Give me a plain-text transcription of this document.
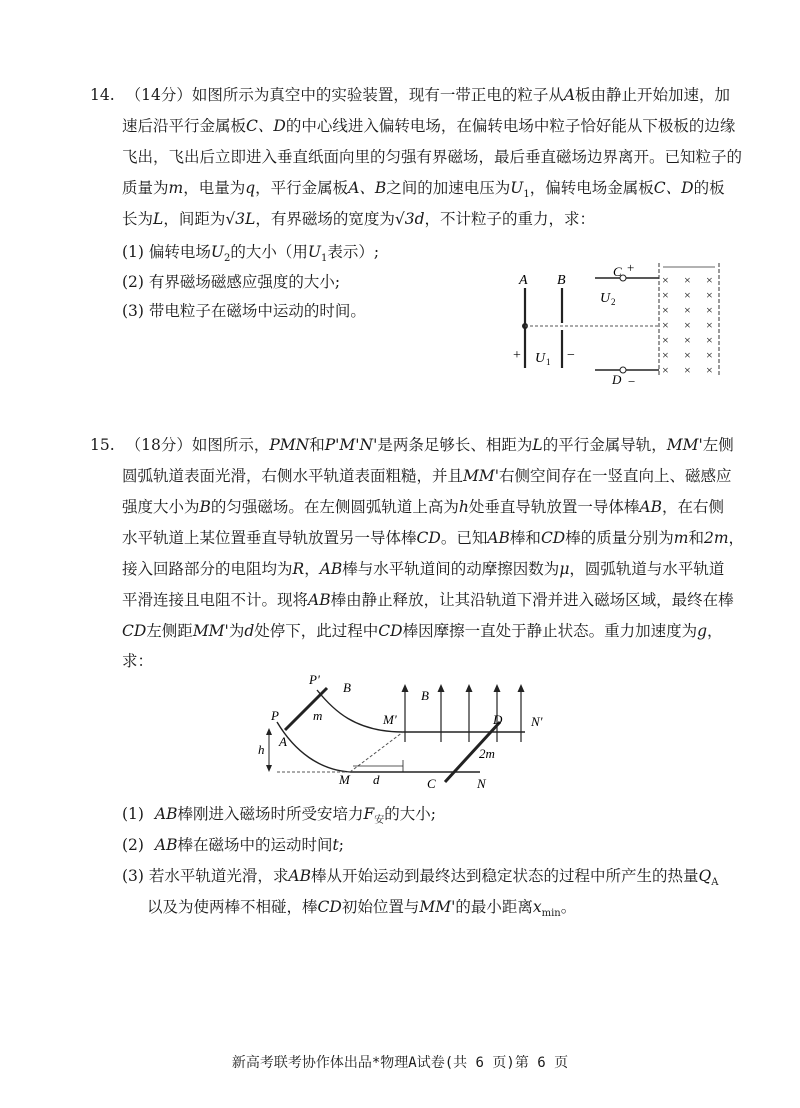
14. （14分）如图所示为真空中的实验装置，现有一带正电的粒子从A板由静止开始加速，加
速后沿平行金属板C、D的中心线进入偏转电场，在偏转电场中粒子恰好能从下极板的边缘
飞出，飞出后立即进入垂直纸面向里的匀强有界磁场，最后垂直磁场边界离开。已知粒子的
质量为m，电量为q，平行金属板A、B之间的加速电压为$U_1$，偏转电场金属板C、D的板
长为L，间距为√3L，有界磁场的宽度为√3d，不计粒子的重力，求：
(1) 偏转电场$U_2$的大小（用$U_1$表示）;
(2) 有界磁场磁感应强度的大小;
(3) 带电粒子在磁场中运动的时间。
A
+
B
−
U 1
C +
U 2
D −
× × ×
× × ×
× × ×
× × ×
× × ×
× × ×
× × ×
15. （18分）如图所示，PMN和P'M'N'是两条足够长、相距为L的平行金属导轨，MM'左侧
圆弧轨道表面光滑，右侧水平轨道表面粗糙，并且MM'右侧空间存在一竖直向上、磁感应
强度大小为B的匀强磁场。在左侧圆弧轨道上高为h处垂直导轨放置一导体棒AB，在右侧
水平轨道上某位置垂直导轨放置另一导体棒CD。已知AB棒和CD棒的质量分别为m和2m，
接入回路部分的电阻均为R，AB棒与水平轨道间的动摩擦因数为μ，圆弧轨道与水平轨道
平滑连接且电阻不计。现将AB棒由静止释放，让其沿轨道下滑并进入磁场区域，最终在棒
CD左侧距MM'为d处停下，此过程中CD棒因摩擦一直处于静止状态。重力加速度为g，
求：
h
P'
B
P	m
A
M'
M d
B
D N'
2m
C	N
(1) AB棒刚进入磁场时所受安培力$F_安$的大小;
(2) AB棒在磁场中的运动时间t;
(3) 若水平轨道光滑，求AB棒从开始运动到最终达到稳定状态的过程中所产生的热量$Q_A$
以及为使两棒不相碰，棒CD初始位置与MM'的最小距离$x_{min}$。
新高考联考协作体出品*物理A试卷(共 6 页)第 6 页
